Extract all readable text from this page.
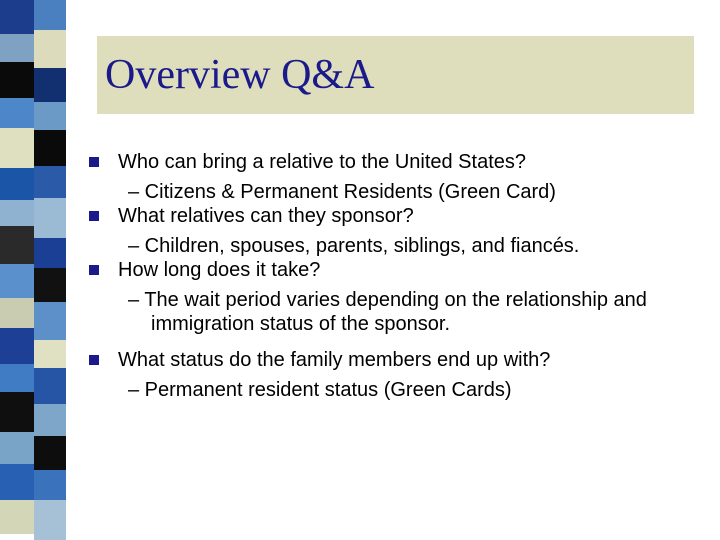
Overview Q&A
Who can bring a relative to the United States?
– Citizens & Permanent Residents (Green Card)
What relatives can they sponsor?
– Children, spouses, parents, siblings, and fiancés.
How long does it take?
– The wait period varies depending on the relationship and
immigration status of the sponsor.
What status do the family members end up with?
– Permanent resident status (Green Cards)
